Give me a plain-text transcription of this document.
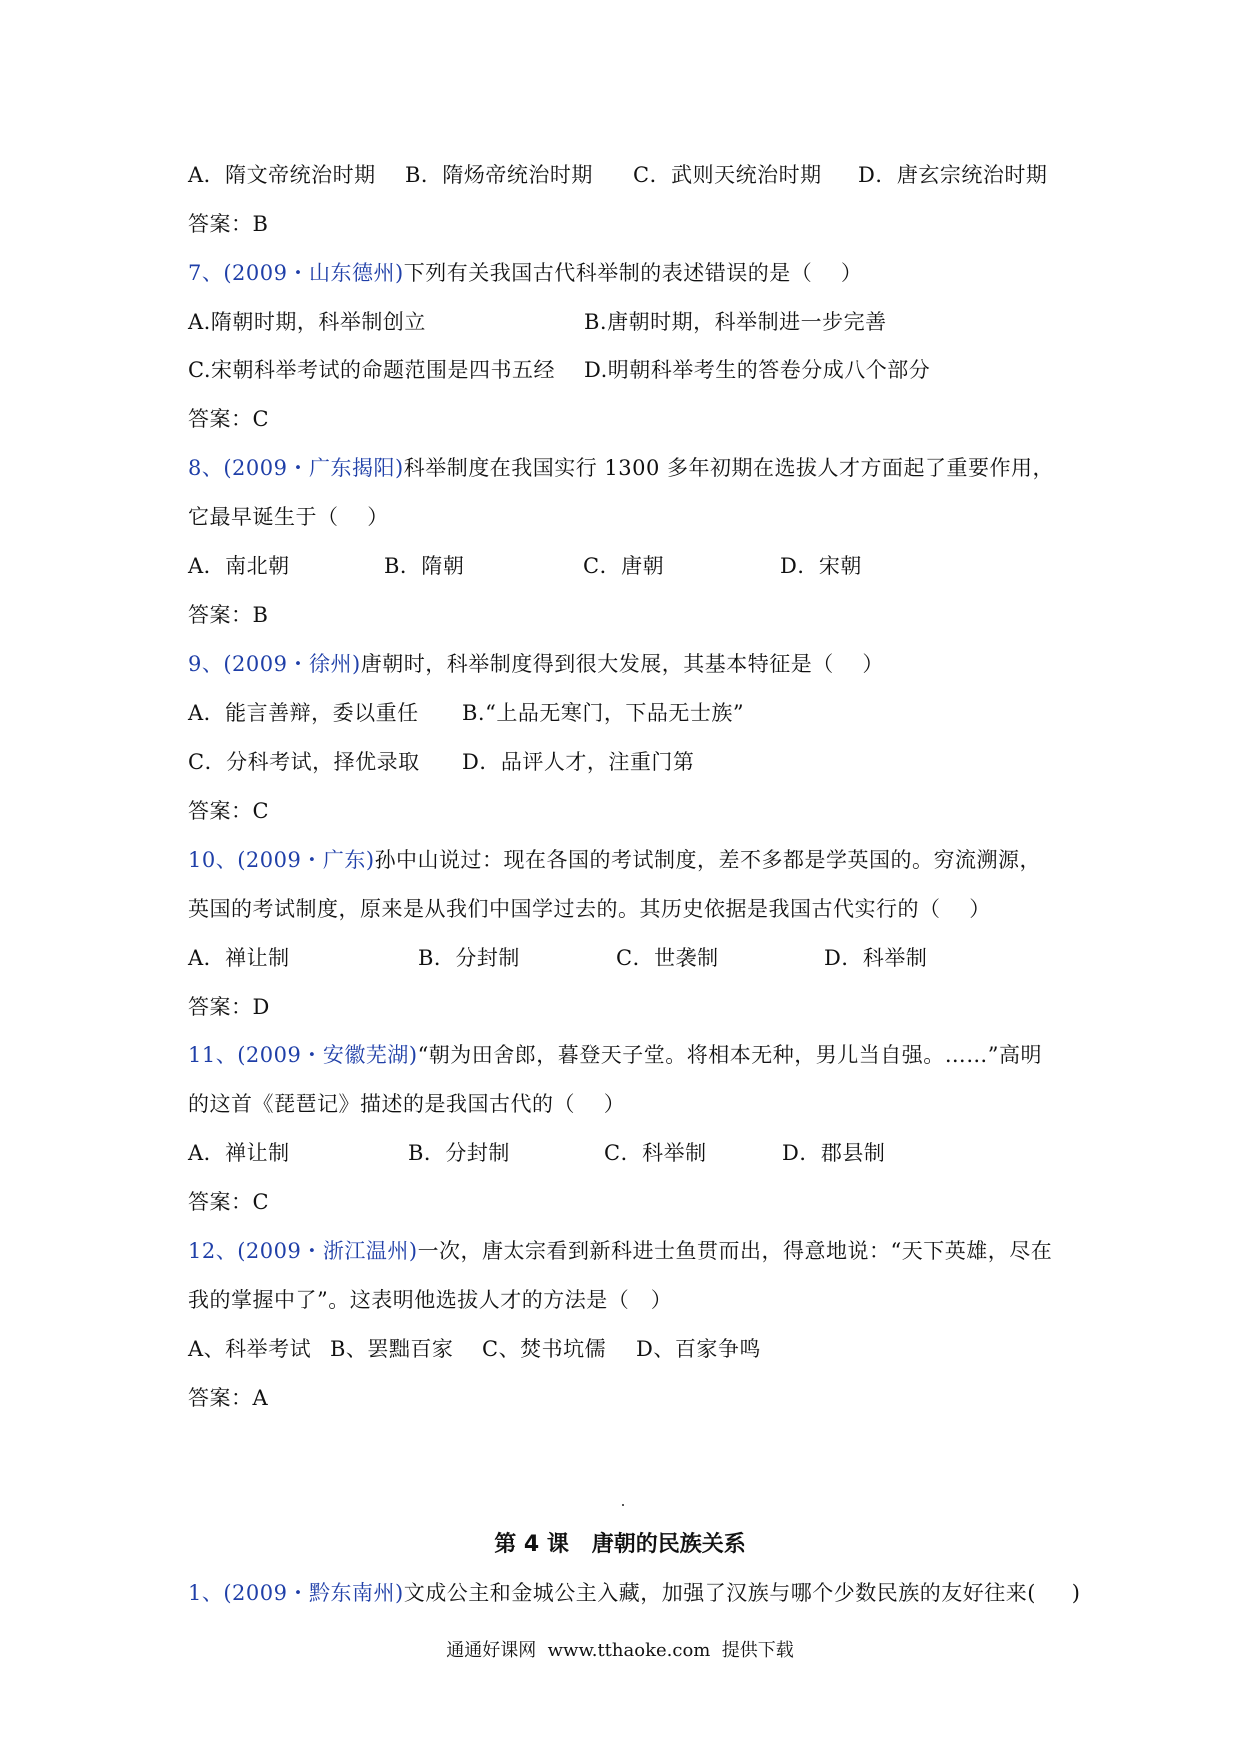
A．隋文帝统治时期

B．隋炀帝统治时期

C．武则天统治时期

D．唐玄宗统治时期

答案：B
7、(2009・山东德州)下列有关我国古代科举制的表述错误的是（    ）

A.隋朝时期，科举制创立

	B.唐朝时期，科举制进一步完善

C.宋朝科举考试的命题范围是四书五经

D.明朝科举考生的答卷分成八个部分

答案：C
8、(2009・广东揭阳)科举制度在我国实行 1300 多年初期在选拔人才方面起了重要作用，
它最早诞生于（    ）

A．南北朝

	B．隋朝

	C．唐朝

	D．宋朝

答案：B
9、(2009・徐州)唐朝时，科举制度得到很大发展，其基本特征是（    ）

A．能言善辩，委以重任

B.“上品无寒门，下品无士族”

C．分科考试，择优录取

D．品评人才，注重门第

答案：C
10、(2009・广东)孙中山说过：现在各国的考试制度，差不多都是学英国的。穷流溯源，
英国的考试制度，原来是从我们中国学过去的。其历史依据是我国古代实行的（    ）

A．禅让制

	B．分封制

	C．世袭制

	D．科举制

答案：D
11、(2009・安徽芜湖)“朝为田舍郎，暮登天子堂。将相本无种，男儿当自强。……”高明
的这首《琵琶记》描述的是我国古代的（    ）

A．禅让制

	B．分封制

	C．科举制

	D．郡县制

答案：C
12、(2009・浙江温州)一次，唐太宗看到新科进士鱼贯而出，得意地说：“天下英雄，尽在
我的掌握中了”。这表明他选拔人才的方法是（   ）

A、科举考试

B、罢黜百家

C、焚书坑儒

D、百家争鸣

答案：A
第 4 课   唐朝的民族关系
1、(2009・黔东南州)文成公主和金城公主入藏，加强了汉族与哪个少数民族的友好往来(     )
通通好课网  www.tthaoke.com  提供下载
